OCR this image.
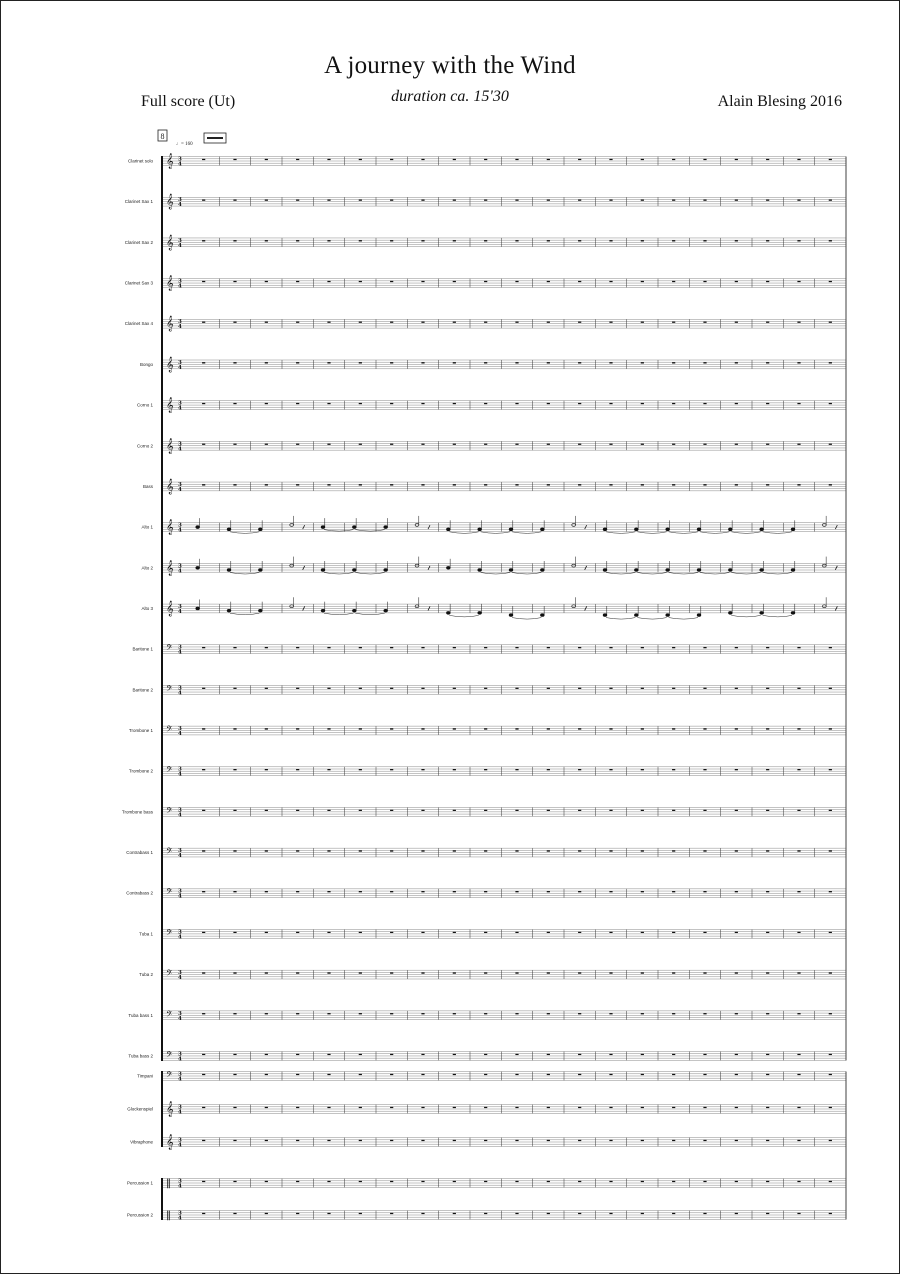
A journey with the Wind
duration ca. 15'30
Full score (Ut)	Alain Blesing 2016
8
♩= 160
Clarinet solo 𝄞 3
4
Clarinet Sax 1 𝄞 3
4
Clarinet Sax 2 𝄞 3
4
Clarinet Sax 3 𝄞 3
4
Clarinet Sax 4 𝄞 3
4
Bongo 𝄞 3
4
Corno 1 𝄞 3
4
Corno 2 𝄞 3
4
Bass 𝄞 3
4
Alto 1 𝄞 3
4
Alto 2 𝄞 3
4
Alto 3 𝄞 3
4
Baritone 1 𝄢 3
4
Baritone 2 𝄢 3
4
Trombone 1 𝄢 3
4
Trombone 2 𝄢 3
4
Trombone bass 𝄢 3
4
Contrabass 1 𝄢 3
4
Contrabass 2 𝄢 3
4
Tuba 1 𝄢 3
4
Tuba 2 𝄢 3
4
Tuba bass 1 𝄢 3
4
Tuba bass 2 𝄢 3
4
Timpani 𝄢 3
4
Glockenspiel 𝄞 3
4
Vibraphone 𝄞 3
4
Percussion 1 ‖ 3
4
Percussion 2 ‖ 3
4
